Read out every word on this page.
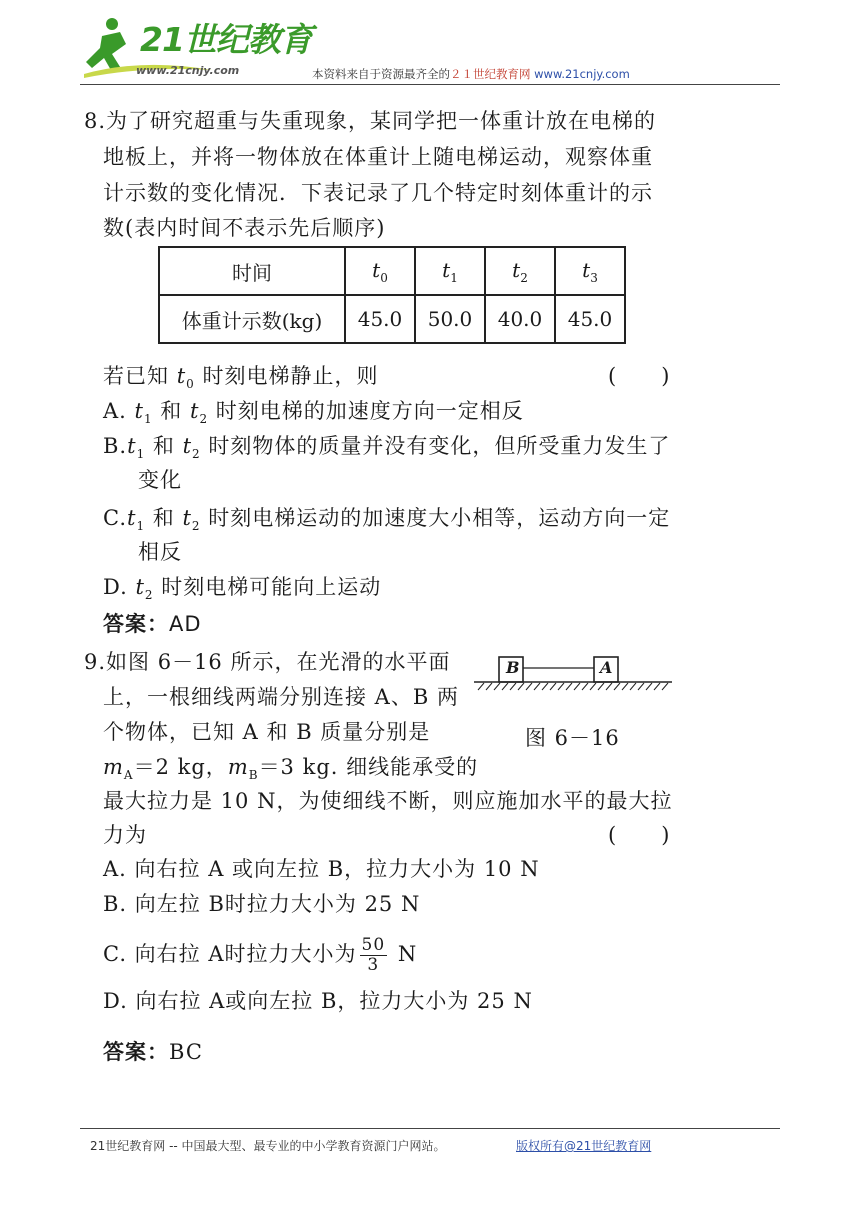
21世纪教育
www.21cnjy.com	本资料来自于资源最齐全的２１世纪教育网 www.21cnjy.com
8.为了研究超重与失重现象，某同学把一体重计放在电梯的
地板上，并将一物体放在体重计上随电梯运动，观察体重
计示数的变化情况．下表记录了几个特定时刻体重计的示
数(表内时间不表示先后顺序)
时间	$t_0$	$t_1$	$t_2$	$t_3$
体重计示数(kg)	45.0	50.0	40.0	45.0
若已知 $t_0$ 时刻电梯静止，则	(　　)
A. $t_1$ 和 $t_2$ 时刻电梯的加速度方向一定相反
$B.t_1$ 和 $t_2$ 时刻物体的质量并没有变化，但所受重力发生了
变化
$C.t_1$ 和 $t_2$ 时刻电梯运动的加速度大小相等，运动方向一定
相反
D. $t_2$ 时刻电梯可能向上运动
答案：AD
9.如图 6－16 所示，在光滑的水平面
上，一根细线两端分别连接 A、B 两
个物体，已知 A 和 B 质量分别是
$m_A=2$ kg，$m_B=3$ kg. 细线能承受的
最大拉力是 10 N，为使细线不断，则应施加水平的最大拉
力为	(　　)
B	A
图 6－16
A. 向右拉 A 或向左拉 B，拉力大小为 10 N
B. 向左拉 B时拉力大小为 25 N
C. 向右拉 A时拉力大小为 $\frac{50}{3}$ N
D. 向右拉 A或向左拉 B，拉力大小为 25 N
答案：BC
21世纪教育网 -- 中国最大型、最专业的中小学教育资源门户网站。	版权所有@21世纪教育网
